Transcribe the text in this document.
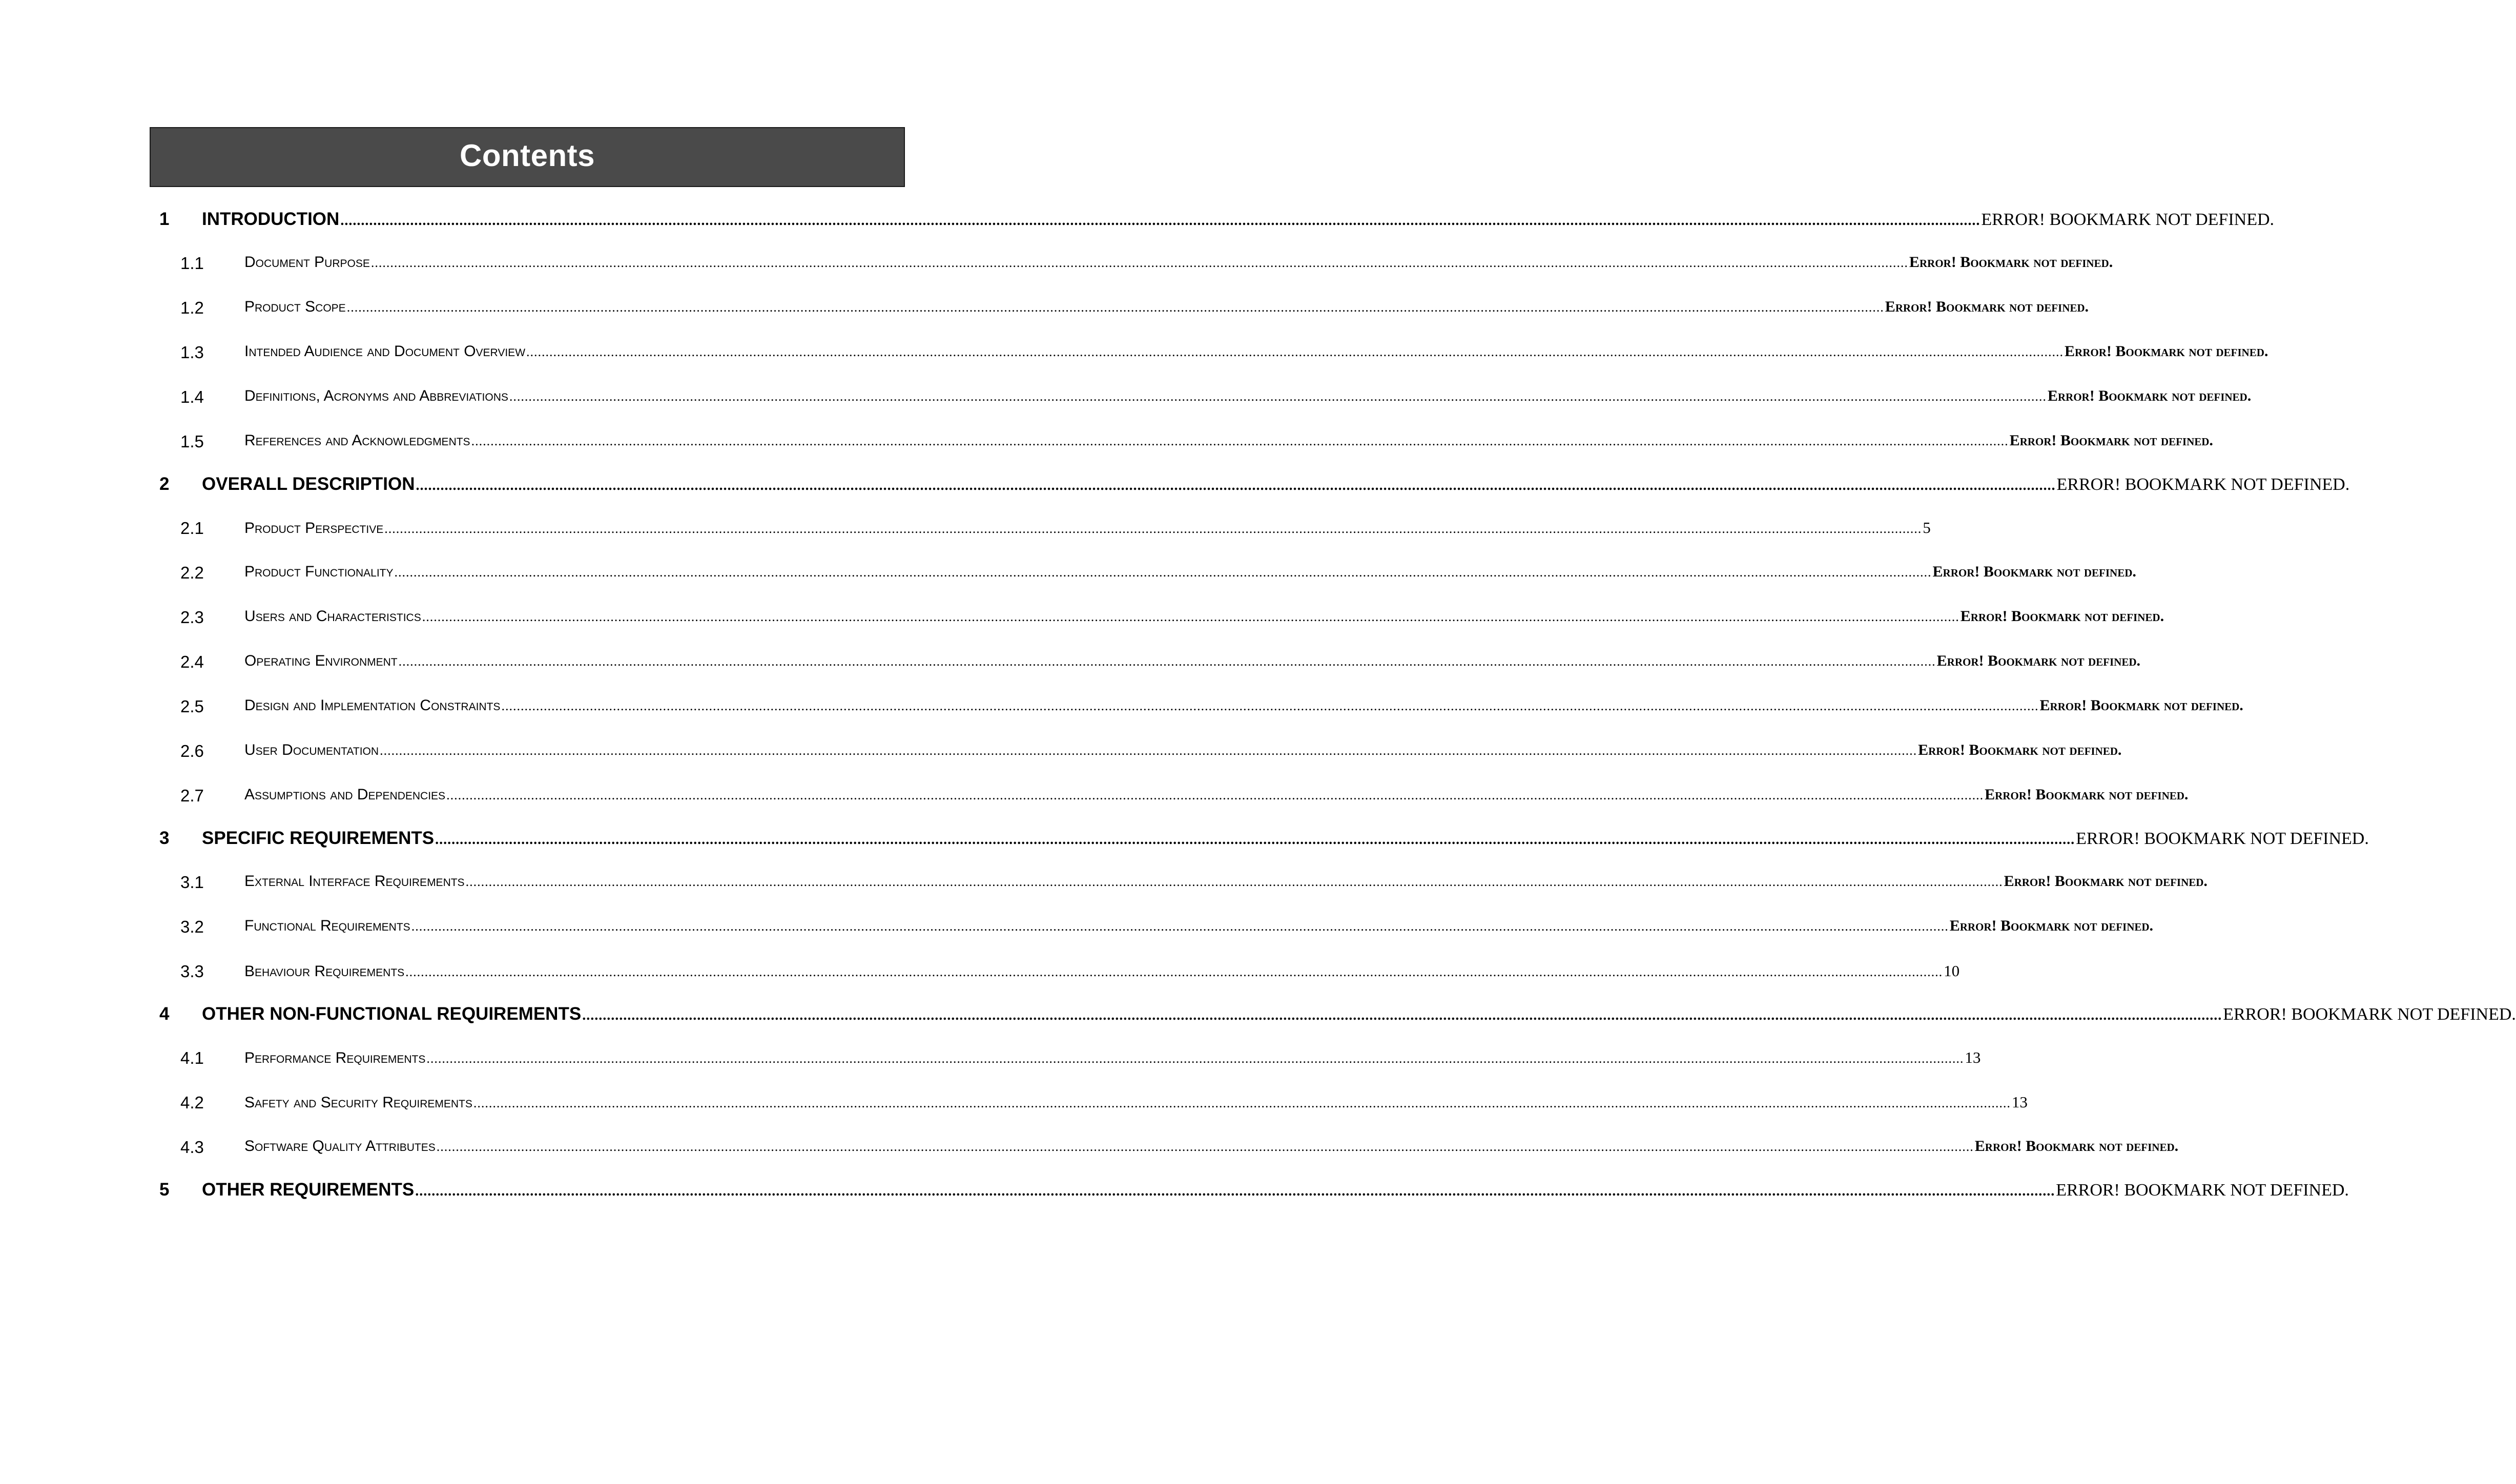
Contents
1 INTRODUCTION ................................................................................................................................................................................................................................................................................................................................................................................................................ ERROR! BOOKMARK NOT DEFINED.
1.1	Document Purpose ................................................................................................................................................................................................................................................................................................................................................................................................................ Error! Bookmark not defined.
1.2	Product Scope ................................................................................................................................................................................................................................................................................................................................................................................................................ Error! Bookmark not defined.
1.3	Intended Audience and Document Overview ................................................................................................................................................................................................................................................................................................................................................................................................................ Error! Bookmark not defined.
1.4	Definitions, Acronyms and Abbreviations ................................................................................................................................................................................................................................................................................................................................................................................................................ Error! Bookmark not defined.
1.5	References and Acknowledgments ................................................................................................................................................................................................................................................................................................................................................................................................................ Error! Bookmark not defined.
2 OVERALL DESCRIPTION ................................................................................................................................................................................................................................................................................................................................................................................................................ ERROR! BOOKMARK NOT DEFINED.
2.1	Product Perspective ................................................................................................................................................................................................................................................................................................................................................................................................................ 5
2.2	Product Functionality ................................................................................................................................................................................................................................................................................................................................................................................................................ Error! Bookmark not defined.
2.3	Users and Characteristics ................................................................................................................................................................................................................................................................................................................................................................................................................ Error! Bookmark not defined.
2.4	Operating Environment ................................................................................................................................................................................................................................................................................................................................................................................................................ Error! Bookmark not defined.
2.5	Design and Implementation Constraints ................................................................................................................................................................................................................................................................................................................................................................................................................ Error! Bookmark not defined.
2.6	User Documentation ................................................................................................................................................................................................................................................................................................................................................................................................................ Error! Bookmark not defined.
2.7	Assumptions and Dependencies ................................................................................................................................................................................................................................................................................................................................................................................................................ Error! Bookmark not defined.
3 SPECIFIC REQUIREMENTS ................................................................................................................................................................................................................................................................................................................................................................................................................ ERROR! BOOKMARK NOT DEFINED.
3.1	External Interface Requirements ................................................................................................................................................................................................................................................................................................................................................................................................................ Error! Bookmark not defined.
3.2	Functional Requirements ................................................................................................................................................................................................................................................................................................................................................................................................................ Error! Bookmark not defined.
3.3	Behaviour Requirements ................................................................................................................................................................................................................................................................................................................................................................................................................ 10
4 OTHER NON-FUNCTIONAL REQUIREMENTS ................................................................................................................................................................................................................................................................................................................................................................................................................ ERROR! BOOKMARK NOT DEFINED.
4.1	Performance Requirements ................................................................................................................................................................................................................................................................................................................................................................................................................ 13
4.2	Safety and Security Requirements ................................................................................................................................................................................................................................................................................................................................................................................................................ 13
4.3	Software Quality Attributes ................................................................................................................................................................................................................................................................................................................................................................................................................ Error! Bookmark not defined.
5 OTHER REQUIREMENTS ................................................................................................................................................................................................................................................................................................................................................................................................................ ERROR! BOOKMARK NOT DEFINED.
